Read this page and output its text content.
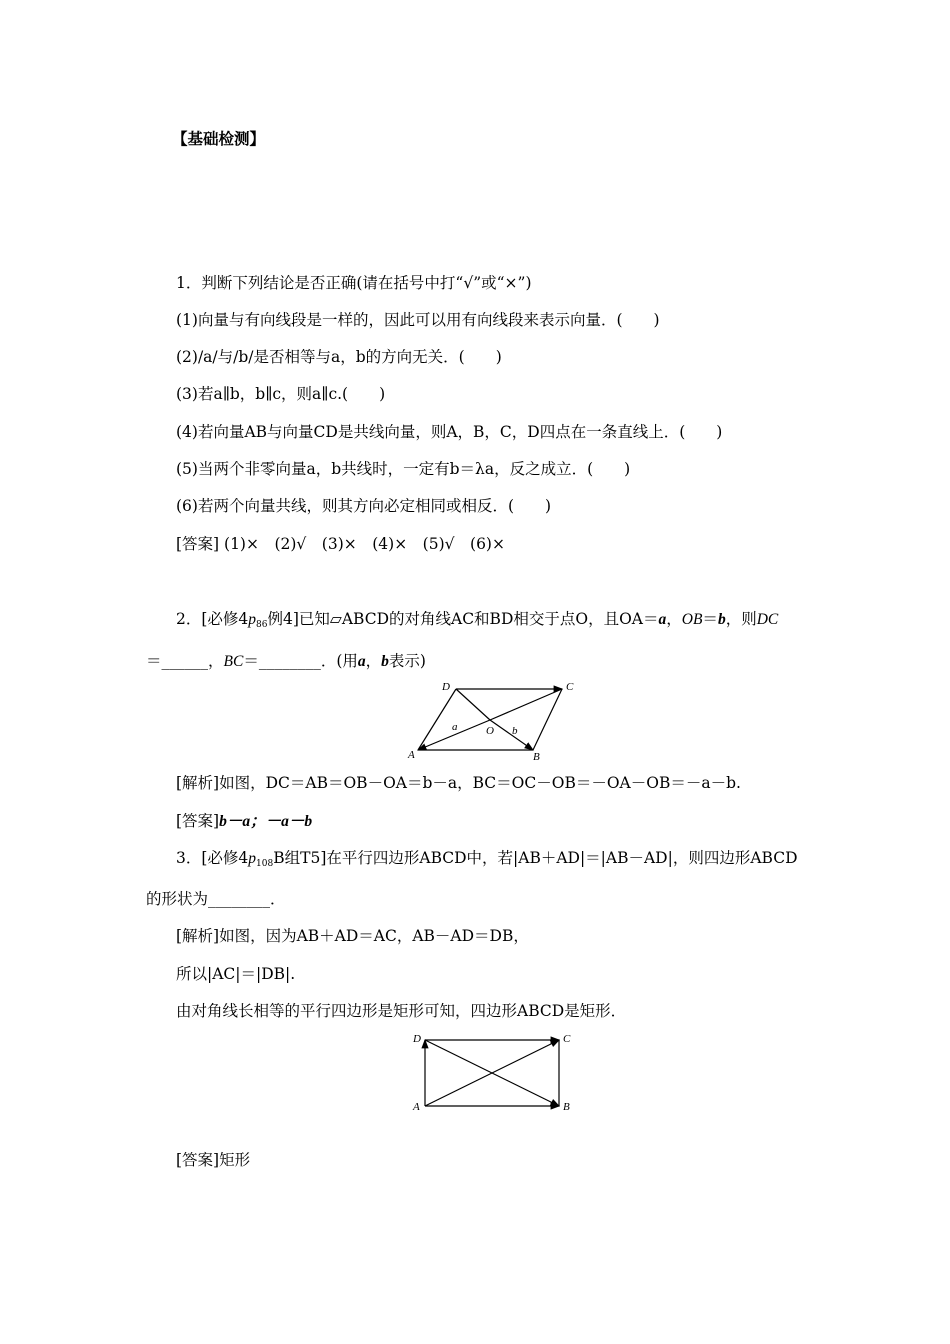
【基础检测】
1．判断下列结论是否正确(请在括号中打“√”或“×”)
(1)向量与有向线段是一样的，因此可以用有向线段来表示向量．(　　)
(2)/a/与/b/是否相等与a，b的方向无关．(　　)
(3)若a∥b，b∥c，则a∥c.(　　)
(4)若向量AB与向量CD是共线向量，则A，B，C，D四点在一条直线上．(　　)
(5)当两个非零向量a，b共线时，一定有b＝λa，反之成立．(　　)
(6)若两个向量共线，则其方向必定相同或相反．(　　)
[答案] (1)×　(2)√　(3)×　(4)×　(5)√　(6)×
2．[必修$4p_{86}$例4]已知▱ABCD的对角线AC和BD相交于点O，且OA＝a，OB＝b，则DC
＝______，BC＝________．(用a，b表示)
D	C
A	B
O
a	b
[解析]如图，DC＝AB＝OB－OA＝b－a，BC＝OC－OB＝－OA－OB＝－a－b.
[答案]b－a；－a－b
3．[必修$4p_{108}B$组T5]在平行四边形ABCD中，若|AB＋AD|＝|AB－AD|，则四边形ABCD
的形状为________．
[解析]如图，因为AB＋AD＝AC，AB－AD＝DB，
所以|AC|＝|DB|.
由对角线长相等的平行四边形是矩形可知，四边形ABCD是矩形．
D	C
A	B
[答案]矩形
